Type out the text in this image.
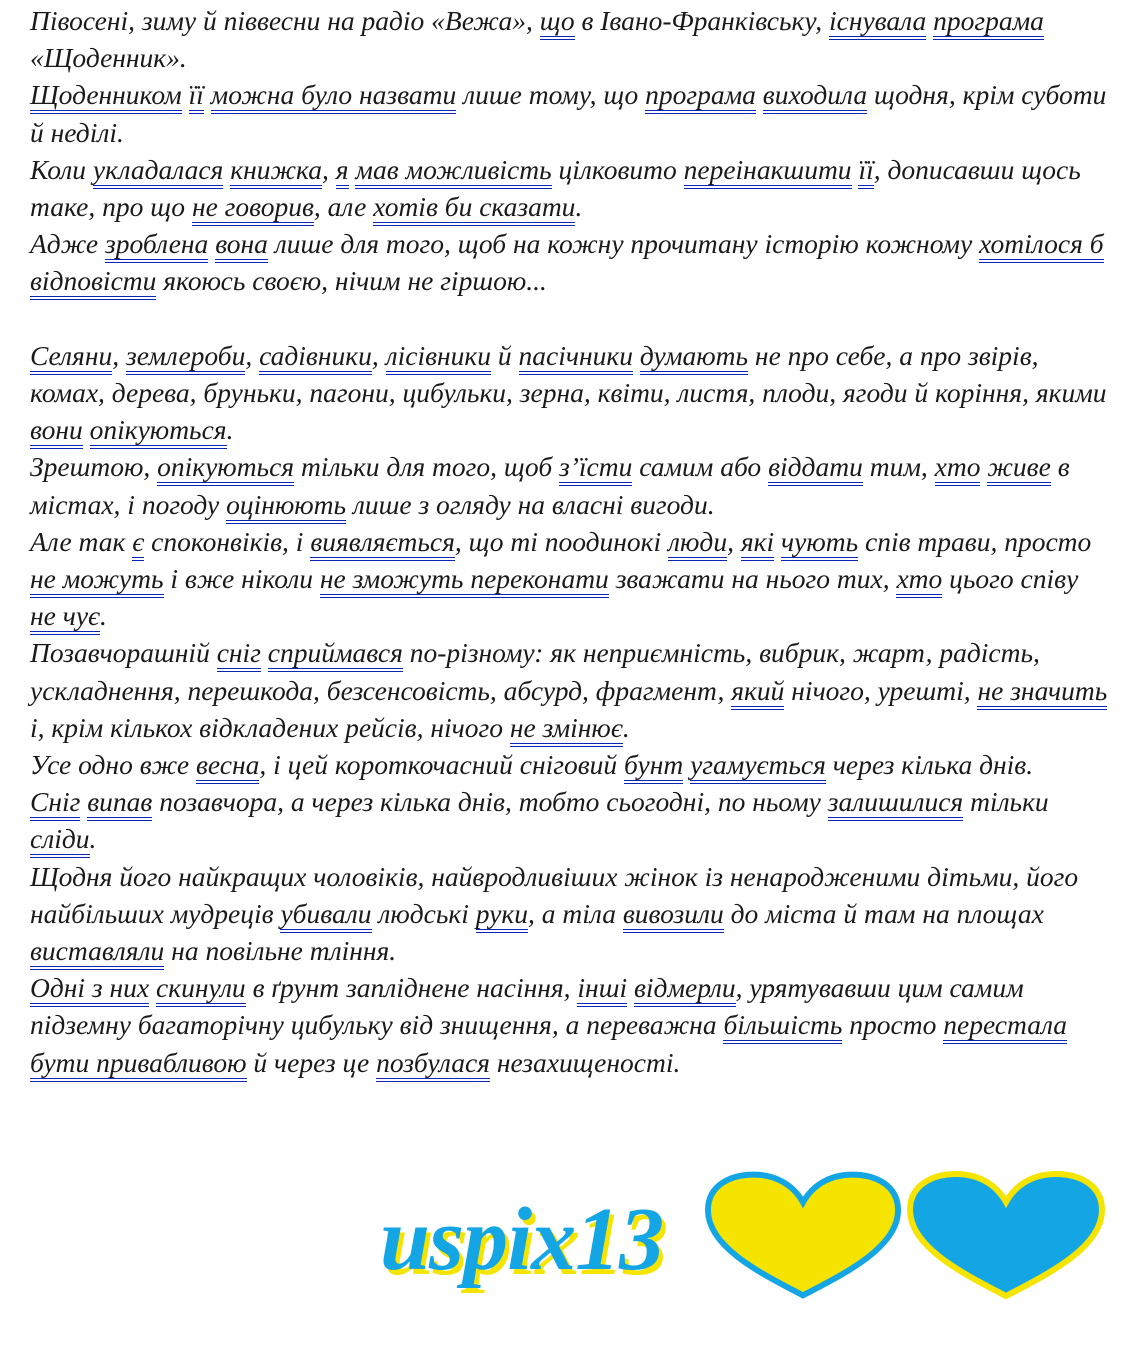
Півосені, зиму й піввесни на радіо «Вежа», що в Івано-Франківську, існувала програма «Щоденник».
Щоденником її можна було назвати лише тому, що програма виходила щодня, крім суботи й неділі.
Коли укладалася книжка, я мав можливість цілковито переінакшити її, дописавши щось таке, про що не говорив, але хотів би сказати.
Адже зроблена вона лише для того, щоб на кожну прочитану історію кожному хотілося б відповісти якоюсь своєю, нічим не гіршою...
Селяни, землероби, садівники, лісівники й пасічники думають не про себе, а про звірів, комах, дерева, бруньки, пагони, цибульки, зерна, квіти, листя, плоди, ягоди й коріння, якими вони опікуються.
Зрештою, опікуються тільки для того, щоб з’їсти самим або віддати тим, хто живе в містах, і погоду оцінюють лише з огляду на власні вигоди.
Але так є споконвіків, і виявляється, що ті поодинокі люди, які чують спів трави, просто не можуть і вже ніколи не зможуть переконати зважати на нього тих, хто цього співу не чує.
Позавчорашній сніг сприймався по-різному: як неприємність, вибрик, жарт, радість, ускладнення, перешкода, безсенсовість, абсурд, фрагмент, який нічого, урешті, не значить і, крім кількох відкладених рейсів, нічого не змінює.
Усе одно вже весна, і цей короткочасний сніговий бунт угамується через кілька днів.
Сніг випав позавчора, а через кілька днів, тобто сьогодні, по ньому залишилися тільки сліди.
Щодня його найкращих чоловіків, найвродливіших жінок із ненародженими дітьми, його найбільших мудреців убивали людські руки, а тіла вивозили до міста й там на площах виставляли на повільне тління.
Одні з них скинули в ґрунт запліднене насіння, інші відмерли, урятувавши цим самим підземну багаторічну цибульку від знищення, а переважна більшість просто перестала бути привабливою й через це позбулася незахищеності.
uspix13
